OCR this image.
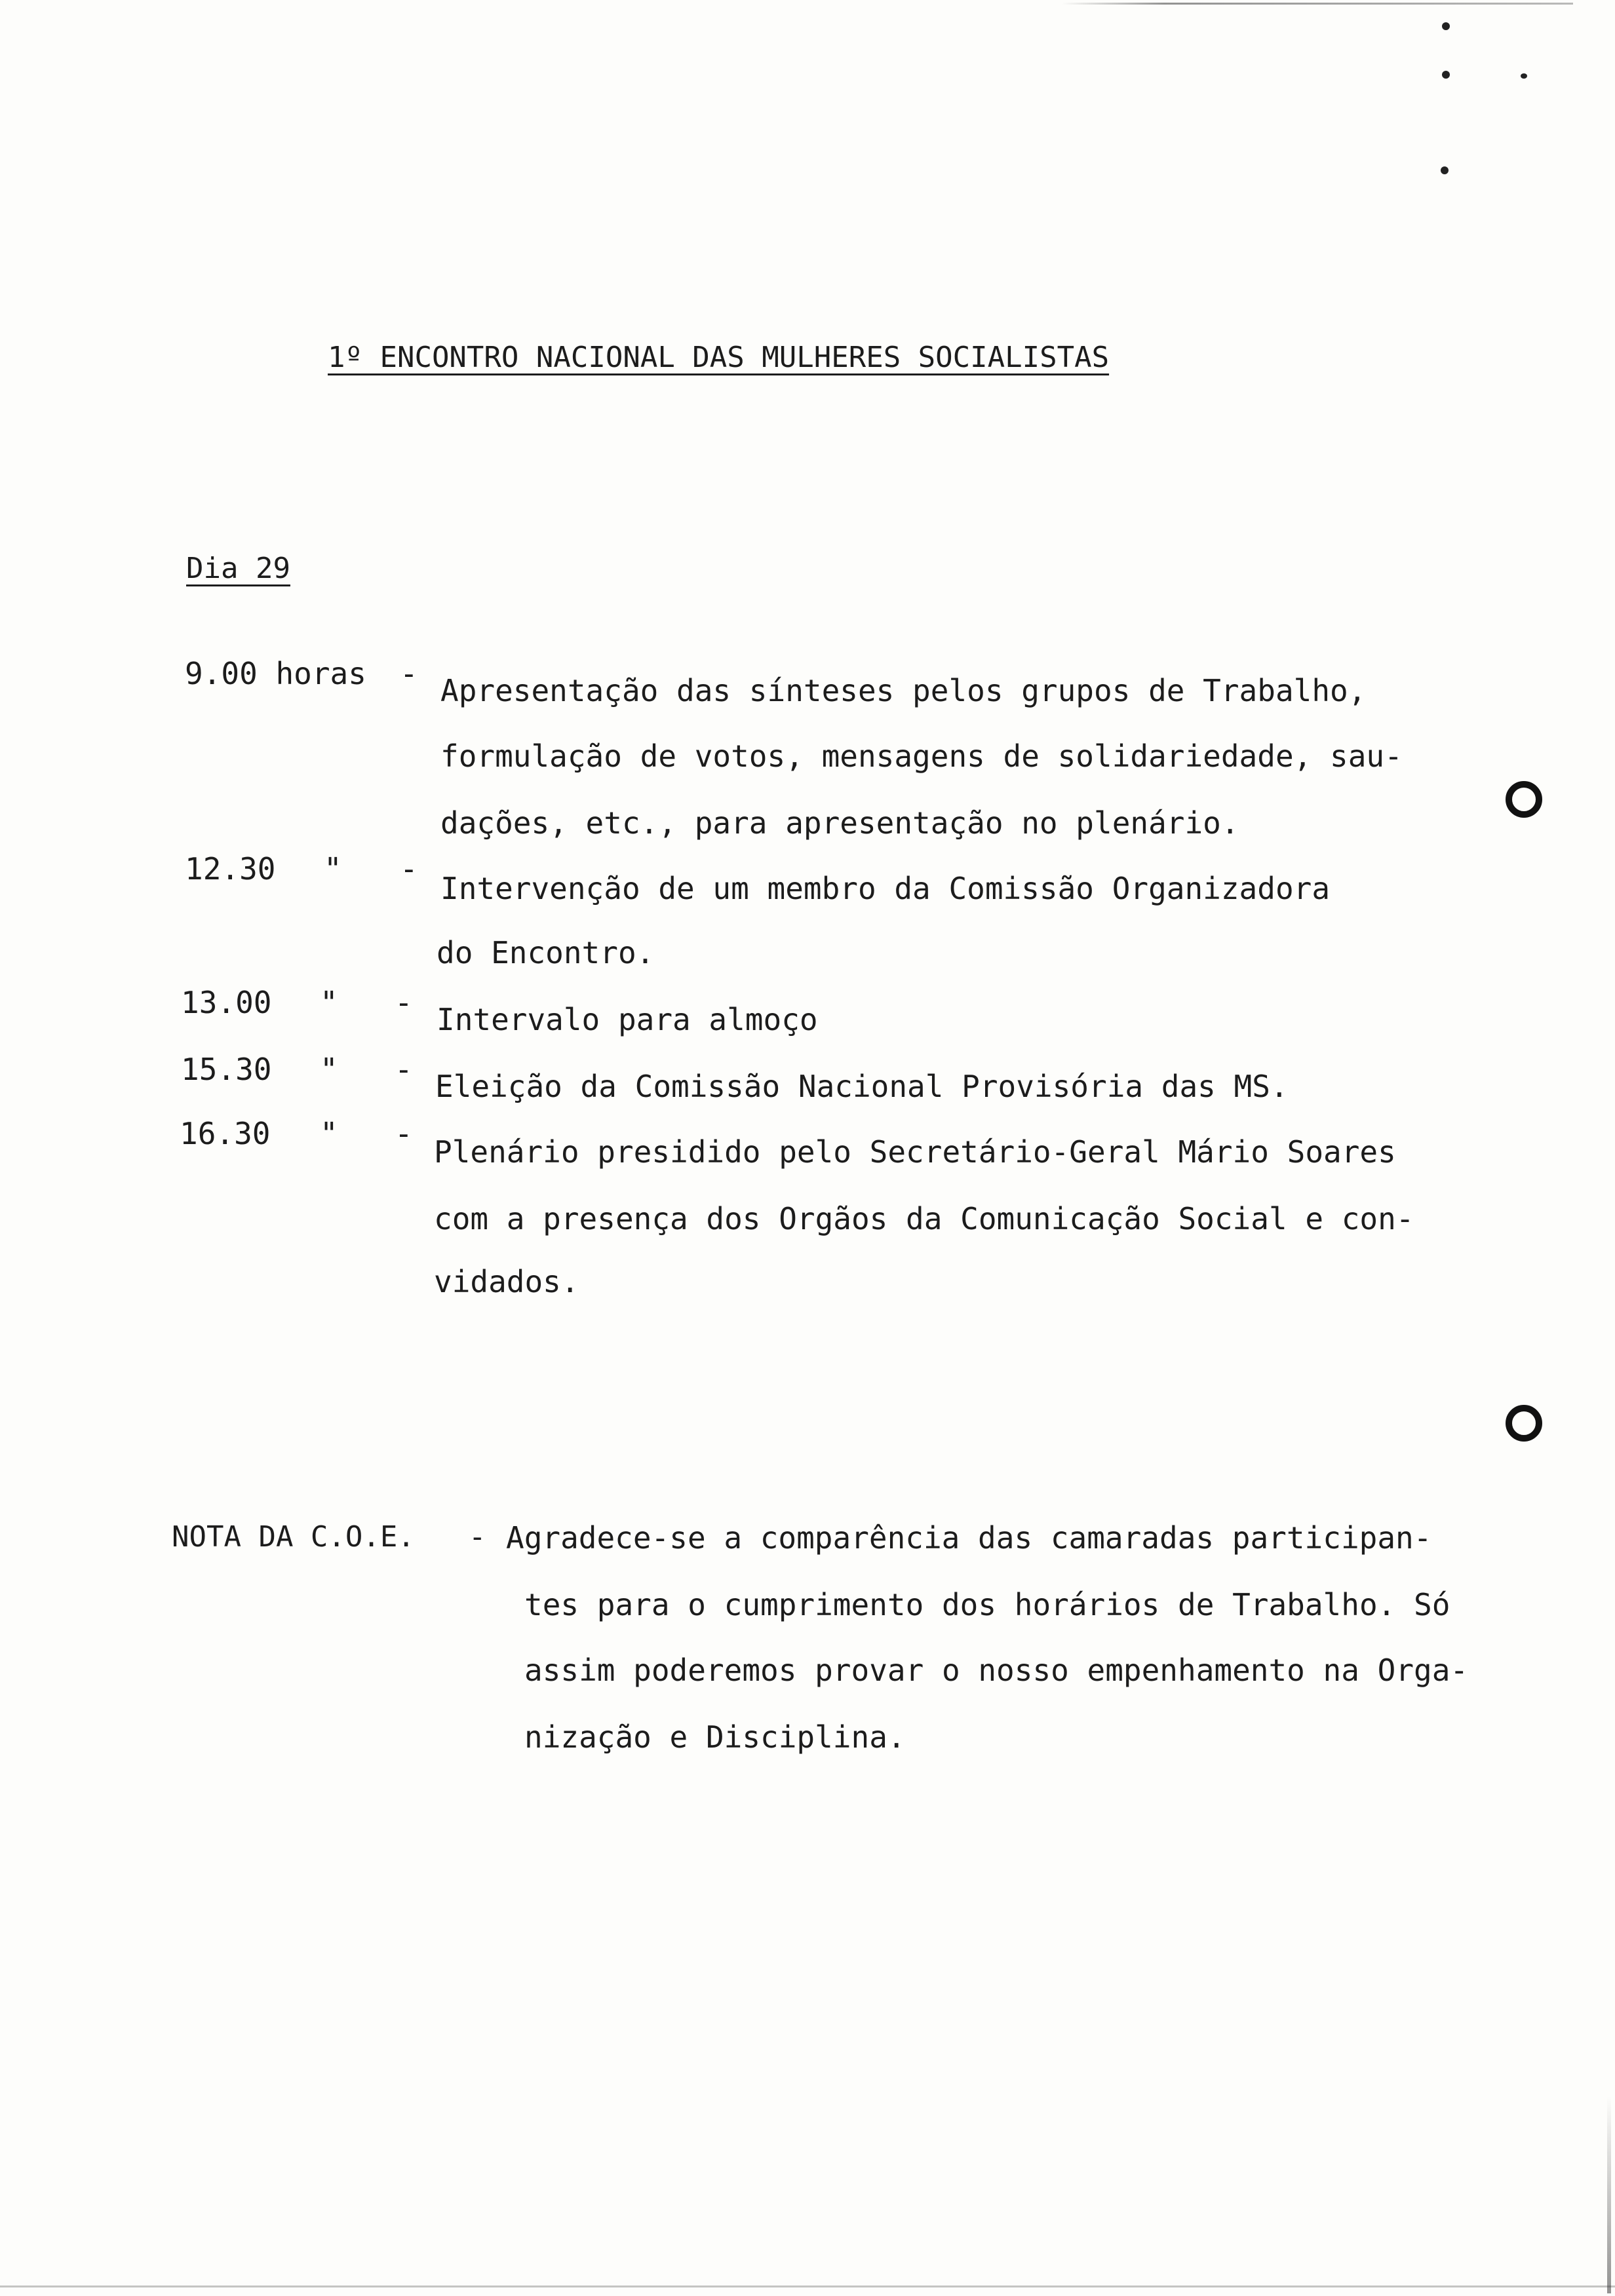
1º ENCONTRO NACIONAL DAS MULHERES SOCIALISTAS
Dia 29
9.00 horas - Apresentação das sínteses pelos grupos de Trabalho,
formulação de votos, mensagens de solidariedade, sau-
dações, etc., para apresentação no plenário.
12.30 " -
Intervenção de um membro da Comissão Organizadora
do Encontro.
13.00 " - Intervalo para almoço
15.30 " - Eleição da Comissão Nacional Provisória das MS.
16.30 " -
Plenário presidido pelo Secretário-Geral Mário Soares
com a presença dos Orgãos da Comunicação Social e con-
vidados.
NOTA DA C.O.E. - Agradece-se a comparência das camaradas participan-
tes para o cumprimento dos horários de Trabalho. Só
assim poderemos provar o nosso empenhamento na Orga-
nização e Disciplina.
